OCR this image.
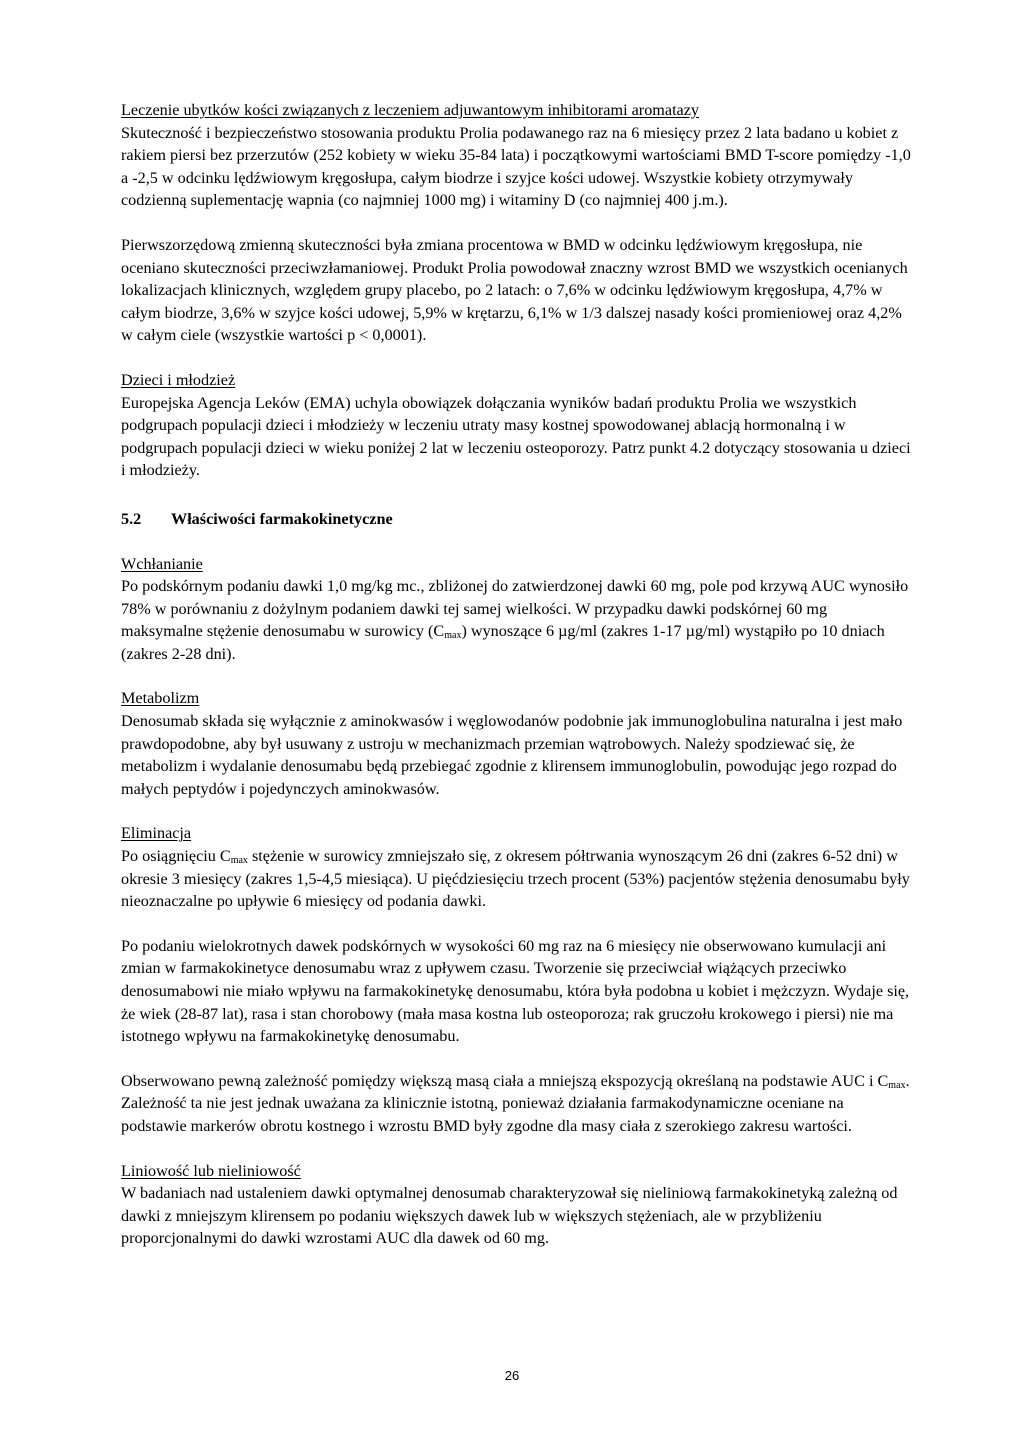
Leczenie ubytków kości związanych z leczeniem adjuwantowym inhibitorami aromatazy

Skuteczność i bezpieczeństwo stosowania produktu Prolia podawanego raz na 6 miesięcy przez 2 lata badano u kobiet z rakiem piersi bez przerzutów (252 kobiety w wieku 35-84 lata) i początkowymi wartościami BMD T-score pomiędzy -1,0 a -2,5 w odcinku lędźwiowym kręgosłupa, całym biodrze i szyjce kości udowej. Wszystkie kobiety otrzymywały codzienną suplementację wapnia (co najmniej 1000 mg) i witaminy D (co najmniej 400 j.m.).

Pierwszorzędową zmienną skuteczności była zmiana procentowa w BMD w odcinku lędźwiowym kręgosłupa, nie oceniano skuteczności przeciwzłamaniowej. Produkt Prolia powodował znaczny wzrost BMD we wszystkich ocenianych lokalizacjach klinicznych, względem grupy placebo, po 2 latach: o 7,6% w odcinku lędźwiowym kręgosłupa, 4,7% w całym biodrze, 3,6% w szyjce kości udowej, 5,9% w krętarzu, 6,1% w 1/3 dalszej nasady kości promieniowej oraz 4,2% w całym ciele (wszystkie wartości p < 0,0001).

Dzieci i młodzież

Europejska Agencja Leków (EMA) uchyla obowiązek dołączania wyników badań produktu Prolia we wszystkich podgrupach populacji dzieci i młodzieży w leczeniu utraty masy kostnej spowodowanej ablacją hormonalną i w podgrupach populacji dzieci w wieku poniżej 2 lat w leczeniu osteoporozy. Patrz punkt 4.2 dotyczący stosowania u dzieci i młodzieży.

5.2	Właściwości farmakokinetyczne
Wchłanianie

Po podskórnym podaniu dawki 1,0 mg/kg mc., zbliżonej do zatwierdzonej dawki 60 mg, pole pod krzywą AUC wynosiło 78% w porównaniu z dożylnym podaniem dawki tej samej wielkości. W przypadku dawki podskórnej 60 mg maksymalne stężenie denosumabu w surowicy $(C_{max})$ wynoszące 6 µg/ml (zakres 1-17 µg/ml) wystąpiło po 10 dniach (zakres 2-28 dni).

Metabolizm

Denosumab składa się wyłącznie z aminokwasów i węglowodanów podobnie jak immunoglobulina naturalna i jest mało prawdopodobne, aby był usuwany z ustroju w mechanizmach przemian wątrobowych. Należy spodziewać się, że metabolizm i wydalanie denosumabu będą przebiegać zgodnie z klirensem immunoglobulin, powodując jego rozpad do małych peptydów i pojedynczych aminokwasów.

Eliminacja

Po osiągnięciu $C_{max}$ stężenie w surowicy zmniejszało się, z okresem półtrwania wynoszącym 26 dni (zakres 6-52 dni) w okresie 3 miesięcy (zakres 1,5-4,5 miesiąca). U pięćdziesięciu trzech procent (53%) pacjentów stężenia denosumabu były nieoznaczalne po upływie 6 miesięcy od podania dawki.

Po podaniu wielokrotnych dawek podskórnych w wysokości 60 mg raz na 6 miesięcy nie obserwowano kumulacji ani zmian w farmakokinetyce denosumabu wraz z upływem czasu. Tworzenie się przeciwciał wiążących przeciwko denosumabowi nie miało wpływu na farmakokinetykę denosumabu, która była podobna u kobiet i mężczyzn. Wydaje się, że wiek (28-87 lat), rasa i stan chorobowy (mała masa kostna lub osteoporoza; rak gruczołu krokowego i piersi) nie ma istotnego wpływu na farmakokinetykę denosumabu.

Obserwowano pewną zależność pomiędzy większą masą ciała a mniejszą ekspozycją określaną na podstawie AUC i $C_{max}$. Zależność ta nie jest jednak uważana za klinicznie istotną, ponieważ działania farmakodynamiczne oceniane na podstawie markerów obrotu kostnego i wzrostu BMD były zgodne dla masy ciała z szerokiego zakresu wartości.

Liniowość lub nieliniowość

W badaniach nad ustaleniem dawki optymalnej denosumab charakteryzował się nieliniową farmakokinetyką zależną od dawki z mniejszym klirensem po podaniu większych dawek lub w większych stężeniach, ale w przybliżeniu proporcjonalnymi do dawki wzrostami AUC dla dawek od 60 mg.

26
